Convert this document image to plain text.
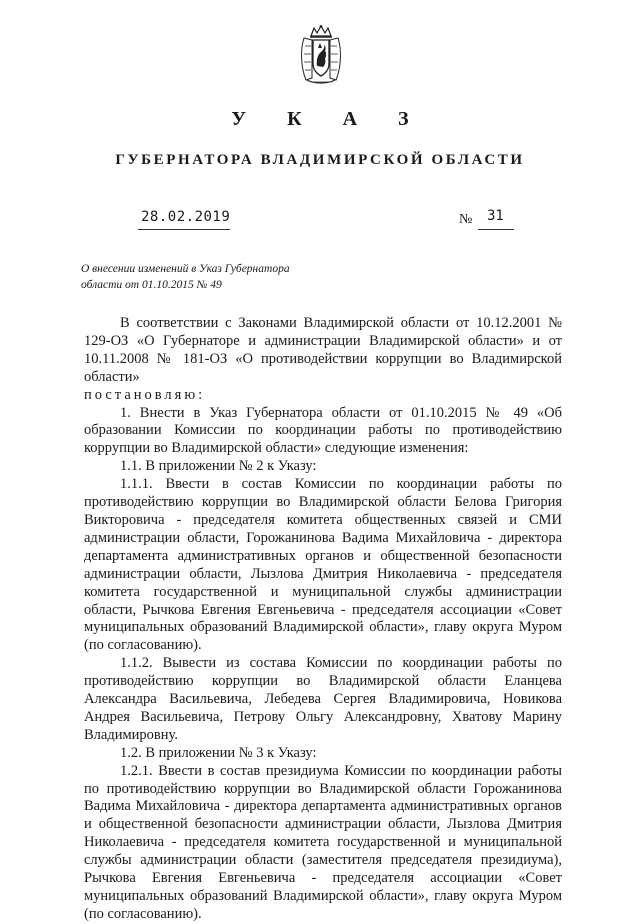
У К А З
ГУБЕРНАТОРА ВЛАДИМИРСКОЙ ОБЛАСТИ
28.02.2019	№ 31
О внесении изменений в Указ Губернатора
области от 01.10.2015 № 49

В соответствии с Законами Владимирской области от 10.12.2001 № 129-ОЗ «О Губернаторе и администрации Владимирской области» и от 10.11.2008 № 181-ОЗ «О противодействии коррупции во Владимирской области»

постановляю:

1. Внести в Указ Губернатора области от 01.10.2015 № 49 «Об образовании Комиссии по координации работы по противодействию коррупции во Владимирской области» следующие изменения:

1.1. В приложении № 2 к Указу:

1.1.1. Ввести в состав Комиссии по координации работы по противодействию коррупции во Владимирской области Белова Григория Викторовича - председателя комитета общественных связей и СМИ администрации области, Горожанинова Вадима Михайловича - директора департамента административных органов и общественной безопасности администрации области, Лызлова Дмитрия Николаевича - председателя комитета государственной и муниципальной службы администрации области, Рычкова Евгения Евгеньевича - председателя ассоциации «Совет муниципальных образований Владимирской области», главу округа Муром (по согласованию).

1.1.2. Вывести из состава Комиссии по координации работы по противодействию коррупции во Владимирской области Еланцева Александра Васильевича, Лебедева Сергея Владимировича, Новикова Андрея Васильевича, Петрову Ольгу Александровну, Хватову Марину Владимировну.

1.2. В приложении № 3 к Указу:

1.2.1. Ввести в состав президиума Комиссии по координации работы по противодействию коррупции во Владимирской области Горожанинова Вадима Михайловича - директора департамента административных органов и общественной безопасности администрации области, Лызлова Дмитрия Николаевича - председателя комитета государственной и муниципальной службы администрации области (заместителя председателя президиума), Рычкова Евгения Евгеньевича - председателя ассоциации «Совет муниципальных образований Владимирской области», главу округа Муром (по согласованию).
